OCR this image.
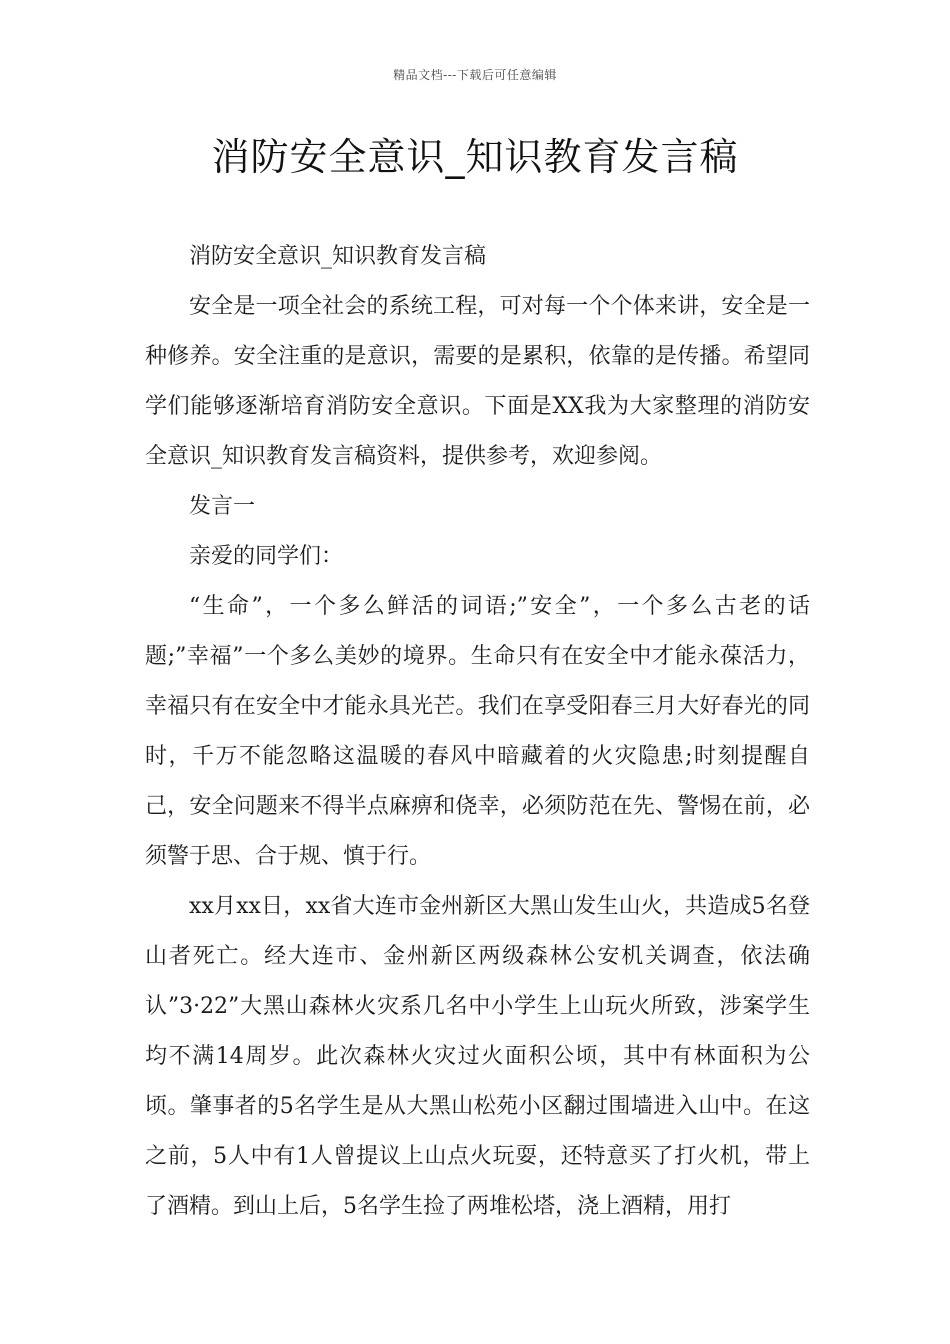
精品文档---下载后可任意编辑
消防安全意识_知识教育发言稿

消防安全意识_知识教育发言稿

安全是一项全社会的系统工程，可对每一个个体来讲，安全是一种修养。安全注重的是意识，需要的是累积，依靠的是传播。希望同学们能够逐渐培育消防安全意识。下面是XX我为大家整理的消防安全意识_知识教育发言稿资料，提供参考，欢迎参阅。

发言一

亲爱的同学们：

“生命”，一个多么鲜活的词语;”安全”，一个多么古老的话题;”幸福”一个多么美妙的境界。生命只有在安全中才能永葆活力，幸福只有在安全中才能永具光芒。我们在享受阳春三月大好春光的同时，千万不能忽略这温暖的春风中暗藏着的火灾隐患;时刻提醒自己，安全问题来不得半点麻痹和侥幸，必须防范在先、警惕在前，必须警于思、合于规、慎于行。

xx月xx日，xx省大连市金州新区大黑山发生山火，共造成5名登山者死亡。经大连市、金州新区两级森林公安机关调查，依法确认”3·22”大黑山森林火灾系几名中小学生上山玩火所致，涉案学生均不满14周岁。此次森林火灾过火面积公顷，其中有林面积为公顷。肇事者的5名学生是从大黑山松苑小区翻过围墙进入山中。在这之前，5人中有1人曾提议上山点火玩耍，还特意买了打火机，带上了酒精。到山上后，5名学生捡了两堆松塔，浇上酒精，用打
